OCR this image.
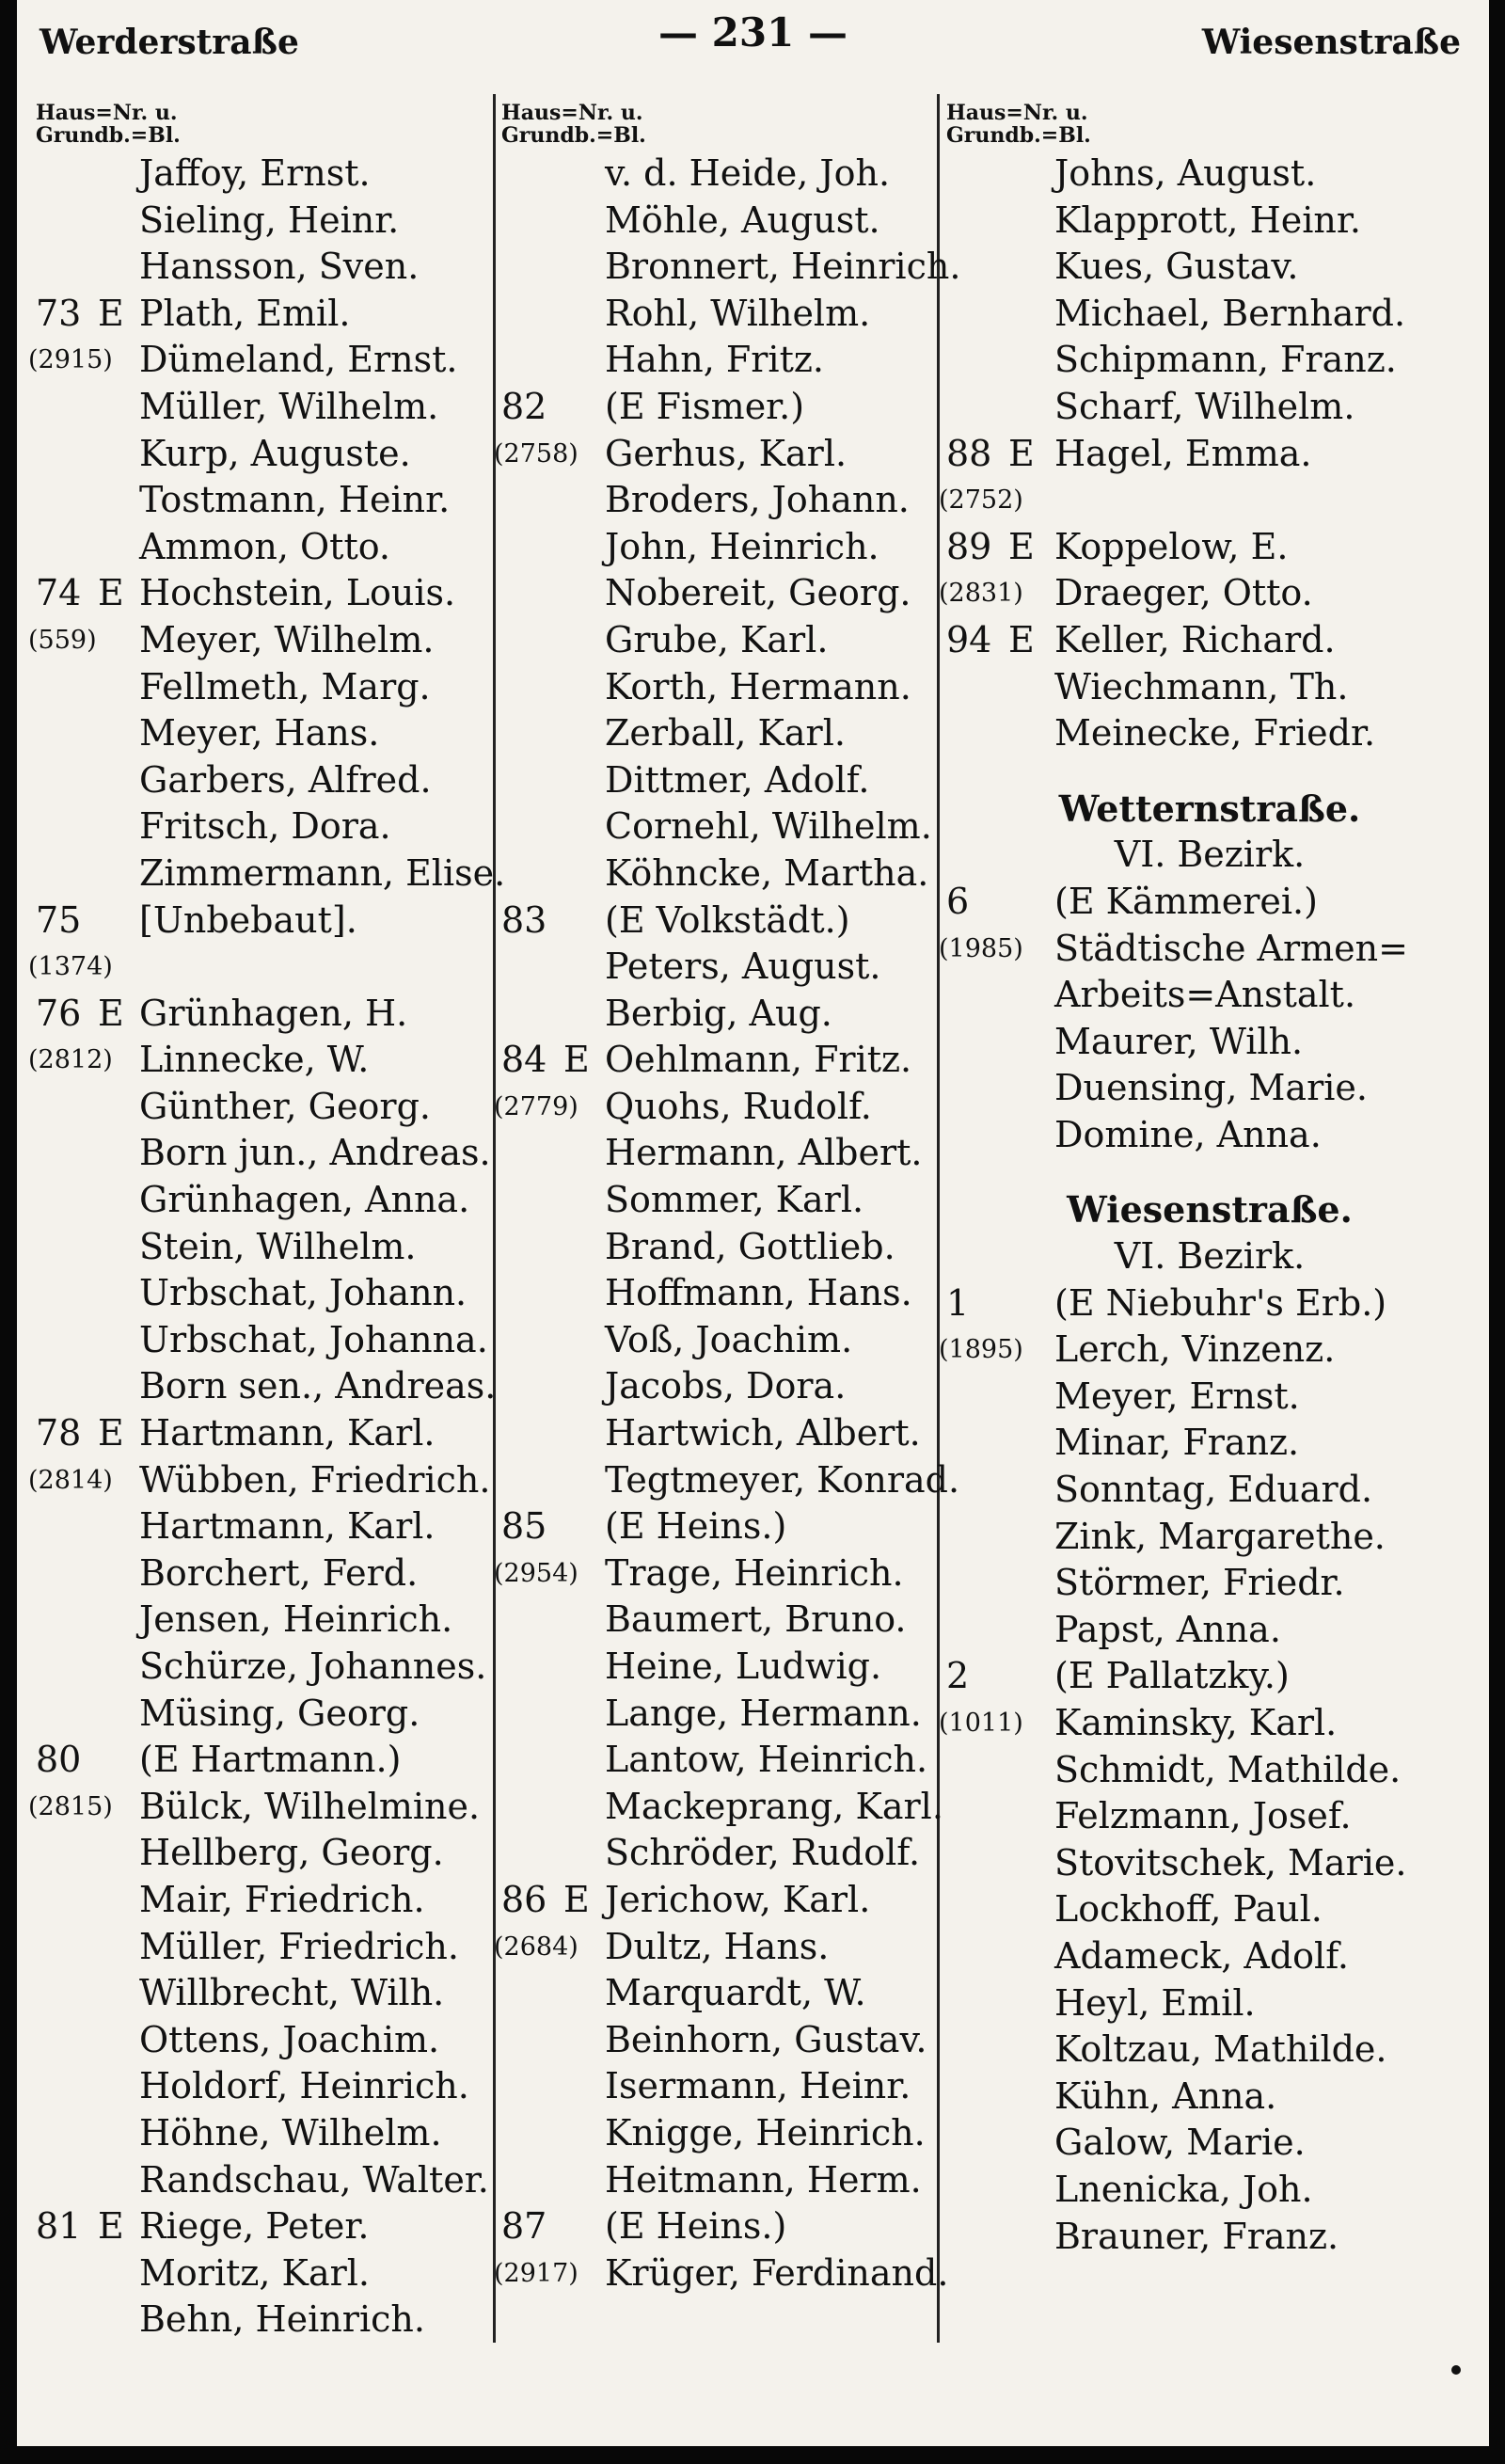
Werderstraße	— 231 —	Wiesenstraße
Haus=Nr. u.
Grundb.=Bl.
Jaffoy, Ernst.
Sieling, Heinr.
Hansson, Sven.
73 E Plath, Emil.
(2915) Dümeland, Ernst.
Müller, Wilhelm.
Kurp, Auguste.
Tostmann, Heinr.
Ammon, Otto.
74 E Hochstein, Louis.
(559) Meyer, Wilhelm.
Fellmeth, Marg.
Meyer, Hans.
Garbers, Alfred.
Fritsch, Dora.
Zimmermann, Elise.
75 [Unbebaut].
(1374)
76 E Grünhagen, H.
(2812) Linnecke, W.
Günther, Georg.
Born jun., Andreas.
Grünhagen, Anna.
Stein, Wilhelm.
Urbschat, Johann.
Urbschat, Johanna.
Born sen., Andreas.
78 E Hartmann, Karl.
(2814) Wübben, Friedrich.
Hartmann, Karl.
Borchert, Ferd.
Jensen, Heinrich.
Schürze, Johannes.
Müsing, Georg.
80 (E Hartmann.)
(2815) Bülck, Wilhelmine.
Hellberg, Georg.
Mair, Friedrich.
Müller, Friedrich.
Willbrecht, Wilh.
Ottens, Joachim.
Holdorf, Heinrich.
Höhne, Wilhelm.
Randschau, Walter.
81 E Riege, Peter.
Moritz, Karl.
Behn, Heinrich.
Haus=Nr. u.
Grundb.=Bl.
v. d. Heide, Joh.
Möhle, August.
Bronnert, Heinrich.
Rohl, Wilhelm.
Hahn, Fritz.
82 (E Fismer.)
(2758) Gerhus, Karl.
Broders, Johann.
John, Heinrich.
Nobereit, Georg.
Grube, Karl.
Korth, Hermann.
Zerball, Karl.
Dittmer, Adolf.
Cornehl, Wilhelm.
Köhncke, Martha.
83 (E Volkstädt.)
Peters, August.
Berbig, Aug.
84 E Oehlmann, Fritz.
(2779) Quohs, Rudolf.
Hermann, Albert.
Sommer, Karl.
Brand, Gottlieb.
Hoffmann, Hans.
Voß, Joachim.
Jacobs, Dora.
Hartwich, Albert.
Tegtmeyer, Konrad.
85 (E Heins.)
(2954) Trage, Heinrich.
Baumert, Bruno.
Heine, Ludwig.
Lange, Hermann.
Lantow, Heinrich.
Mackeprang, Karl.
Schröder, Rudolf.
86 E Jerichow, Karl.
(2684) Dultz, Hans.
Marquardt, W.
Beinhorn, Gustav.
Isermann, Heinr.
Knigge, Heinrich.
Heitmann, Herm.
87 (E Heins.)
(2917) Krüger, Ferdinand.
Haus=Nr. u.
Grundb.=Bl.
Johns, August.
Klapprott, Heinr.
Kues, Gustav.
Michael, Bernhard.
Schipmann, Franz.
Scharf, Wilhelm.
88 E Hagel, Emma.
(2752)
89 E Koppelow, E.
(2831) Draeger, Otto.
94 E Keller, Richard.
Wiechmann, Th.
Meinecke, Friedr.
Wetternstraße.
VI. Bezirk.
6 (E Kämmerei.)
(1985) Städtische Armen=
Arbeits=Anstalt.
Maurer, Wilh.
Duensing, Marie.
Domine, Anna.
Wiesenstraße.
VI. Bezirk.
1 (E Niebuhr's Erb.)
(1895) Lerch, Vinzenz.
Meyer, Ernst.
Minar, Franz.
Sonntag, Eduard.
Zink, Margarethe.
Störmer, Friedr.
Papst, Anna.
2 (E Pallatzky.)
(1011) Kaminsky, Karl.
Schmidt, Mathilde.
Felzmann, Josef.
Stovitschek, Marie.
Lockhoff, Paul.
Adameck, Adolf.
Heyl, Emil.
Koltzau, Mathilde.
Kühn, Anna.
Galow, Marie.
Lnenicka, Joh.
Brauner, Franz.
